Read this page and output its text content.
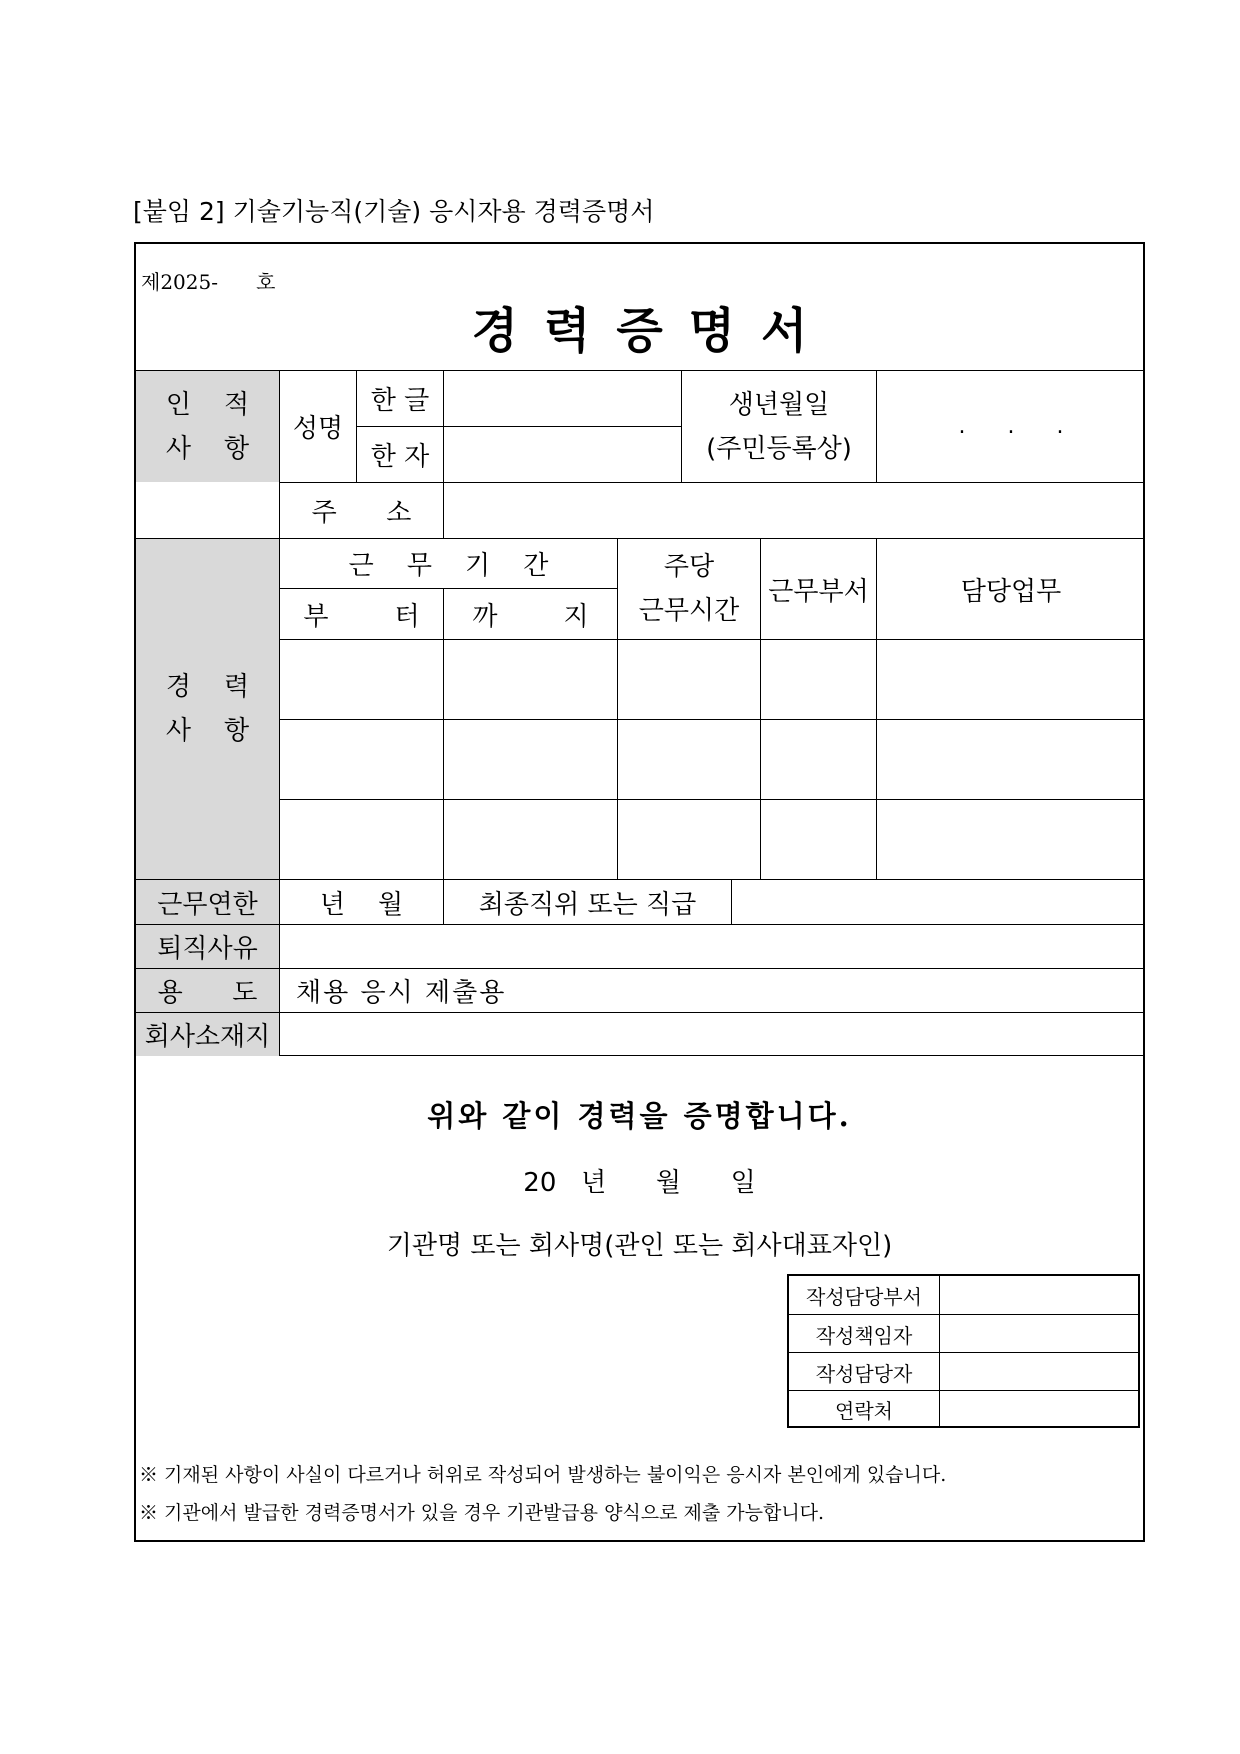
[붙임 2] 기술기능직(기술) 응시자용 경력증명서
제2025-      호
경력증명서
인    적
사    항
성명
한 글
한 자
생년월일
(주민등록상)
.      .      .
주      소
경    력
사    항
근    무    기    간
부        터 까        지
주당
근무시간
근무부서	담당업무
근무연한 년    월	최종직위 또는 직급
퇴직사유
용      도 채용 응시 제출용
회사소재지
위와 같이 경력을 증명합니다.
20   년      월      일
기관명 또는 회사명(관인 또는 회사대표자인)
작성담당부서
작성책임자
작성담당자
연락처
※ 기재된 사항이 사실이 다르거나 허위로 작성되어 발생하는 불이익은 응시자 본인에게 있습니다.
※ 기관에서 발급한 경력증명서가 있을 경우 기관발급용 양식으로 제출 가능합니다.
